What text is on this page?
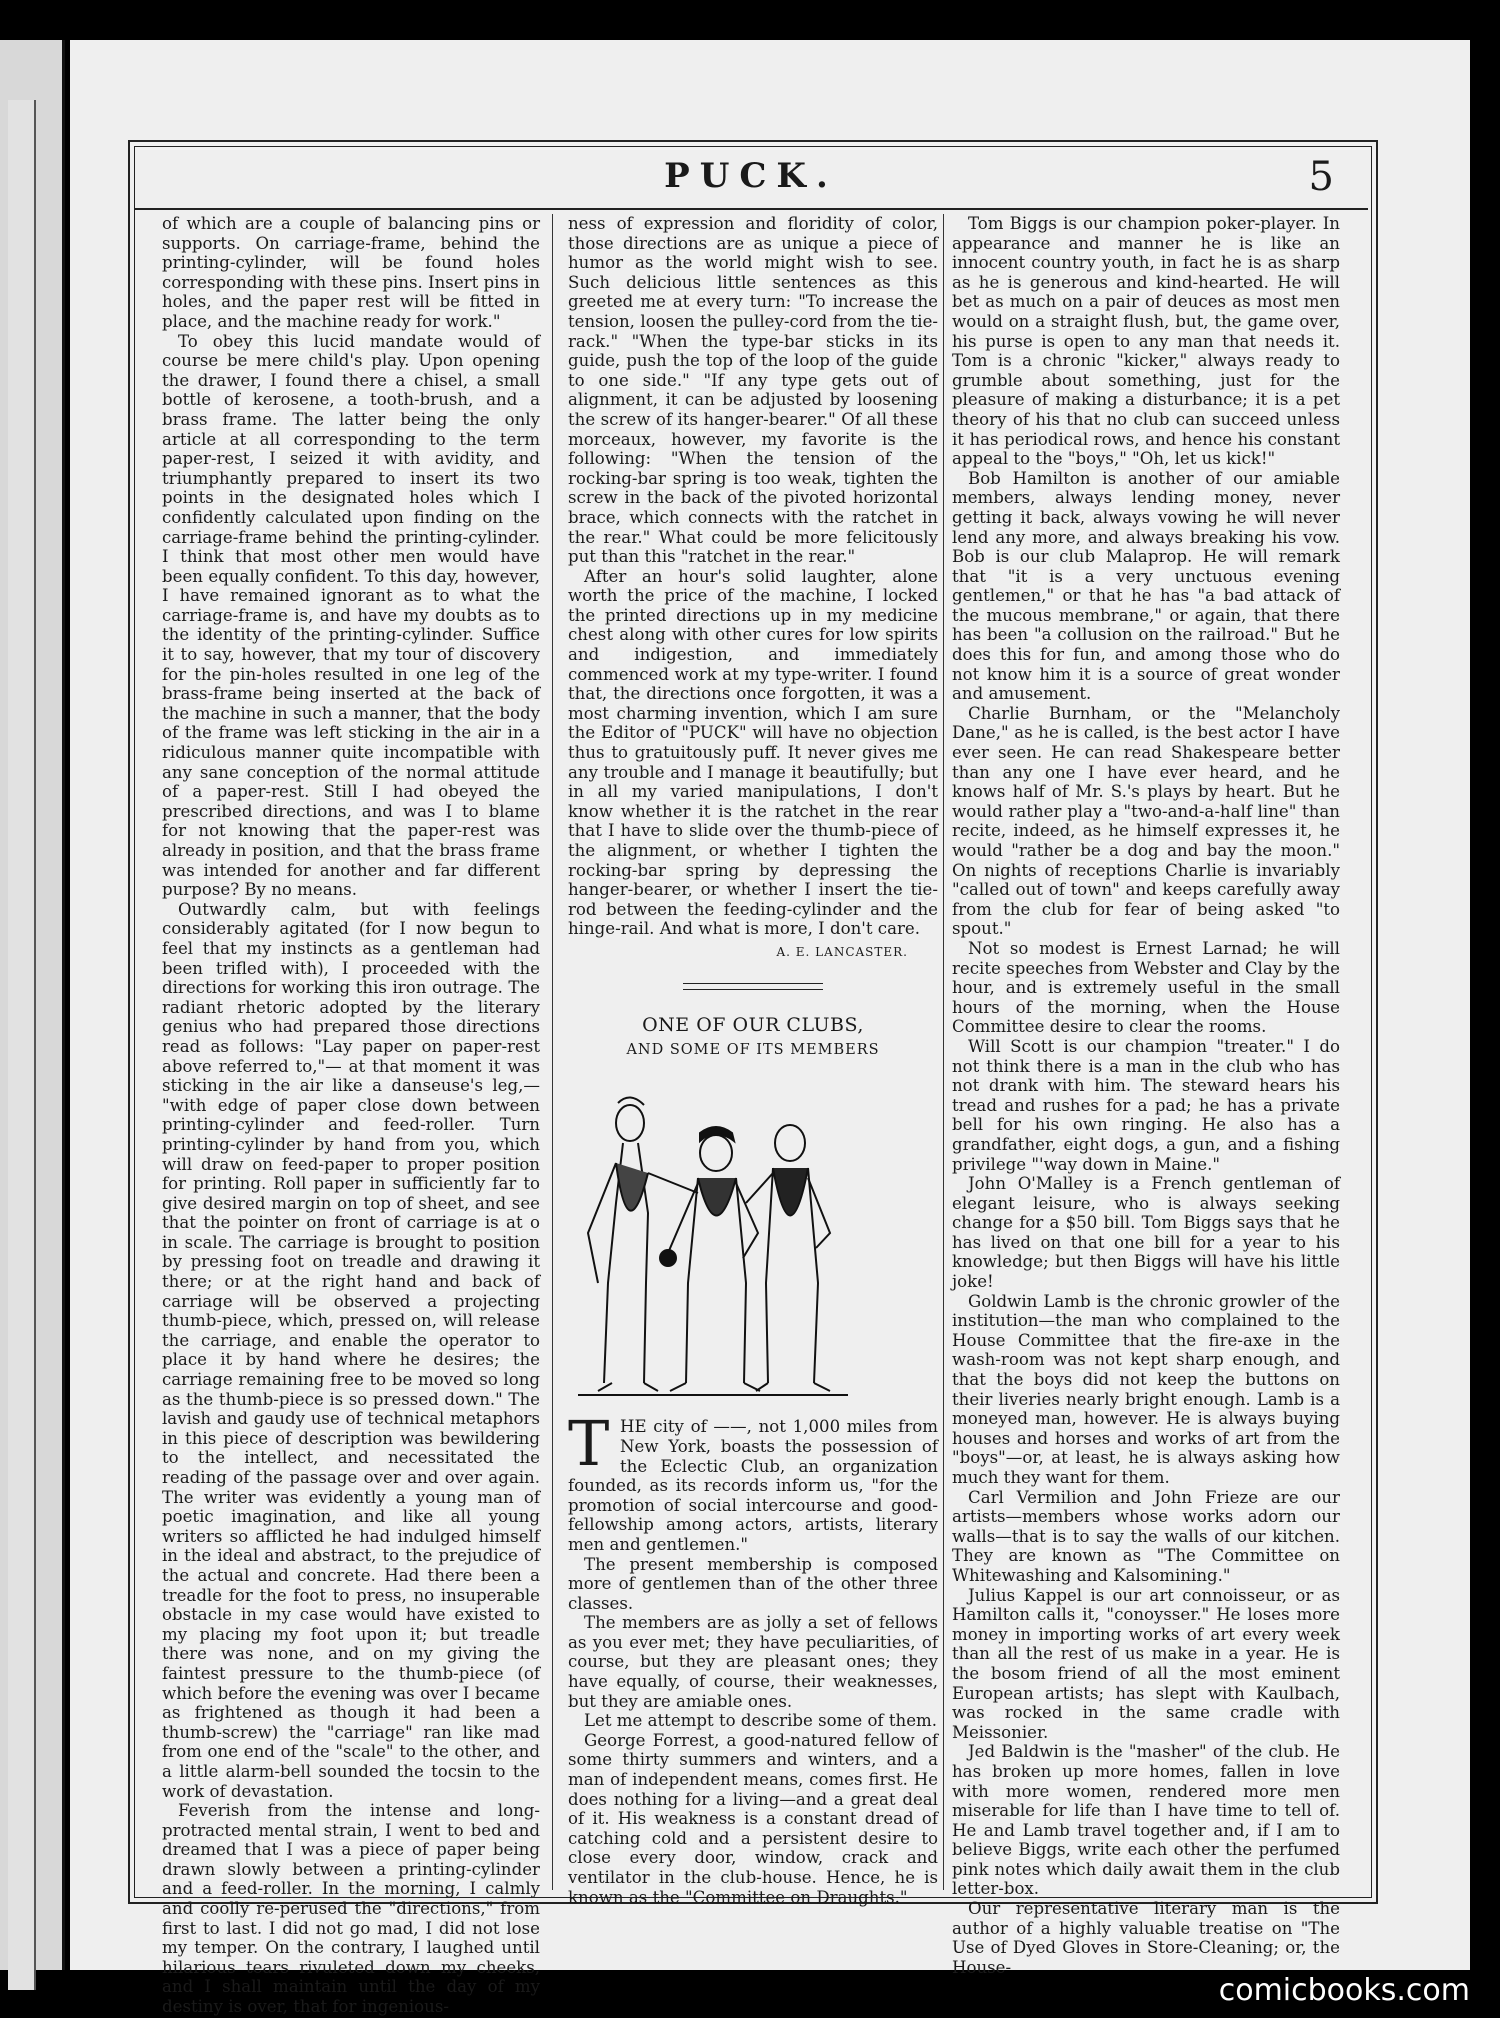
PUCK.	5

of which are a couple of balancing pins or supports. On carriage-frame, behind the printing-cylinder, will be found holes corresponding with these pins. Insert pins in holes, and the paper rest will be fitted in place, and the machine ready for work."

To obey this lucid mandate would of course be mere child's play. Upon opening the drawer, I found there a chisel, a small bottle of kerosene, a tooth-brush, and a brass frame. The latter being the only article at all corresponding to the term paper-rest, I seized it with avidity, and triumphantly prepared to insert its two points in the designated holes which I confidently calculated upon finding on the carriage-frame behind the printing-cylinder. I think that most other men would have been equally confident. To this day, however, I have remained ignorant as to what the carriage-frame is, and have my doubts as to the identity of the printing-cylinder. Suffice it to say, however, that my tour of discovery for the pin-holes resulted in one leg of the brass-frame being inserted at the back of the machine in such a manner, that the body of the frame was left sticking in the air in a ridiculous manner quite incompatible with any sane conception of the normal attitude of a paper-rest. Still I had obeyed the prescribed directions, and was I to blame for not knowing that the paper-rest was already in position, and that the brass frame was intended for another and far different purpose? By no means.

Outwardly calm, but with feelings considerably agitated (for I now begun to feel that my instincts as a gentleman had been trifled with), I proceeded with the directions for working this iron outrage. The radiant rhetoric adopted by the literary genius who had prepared those directions read as follows: "Lay paper on paper-rest above referred to,"— at that moment it was sticking in the air like a danseuse's leg,— "with edge of paper close down between printing-cylinder and feed-roller. Turn printing-cylinder by hand from you, which will draw on feed-paper to proper position for printing. Roll paper in sufficiently far to give desired margin on top of sheet, and see that the pointer on front of carriage is at o in scale. The carriage is brought to position by pressing foot on treadle and drawing it there; or at the right hand and back of carriage will be observed a projecting thumb-piece, which, pressed on, will release the carriage, and enable the operator to place it by hand where he desires; the carriage remaining free to be moved so long as the thumb-piece is so pressed down." The lavish and gaudy use of technical metaphors in this piece of description was bewildering to the intellect, and necessitated the reading of the passage over and over again. The writer was evidently a young man of poetic imagination, and like all young writers so afflicted he had indulged himself in the ideal and abstract, to the prejudice of the actual and concrete. Had there been a treadle for the foot to press, no insuperable obstacle in my case would have existed to my placing my foot upon it; but treadle there was none, and on my giving the faintest pressure to the thumb-piece (of which before the evening was over I became as frightened as though it had been a thumb-screw) the "carriage" ran like mad from one end of the "scale" to the other, and a little alarm-bell sounded the tocsin to the work of devastation.

Feverish from the intense and long-protracted mental strain, I went to bed and dreamed that I was a piece of paper being drawn slowly between a printing-cylinder and a feed-roller. In the morning, I calmly and coolly re-perused the "directions," from first to last. I did not go mad, I did not lose my temper. On the contrary, I laughed until hilarious tears rivuleted down my cheeks, and I shall maintain until the day of my destiny is over, that for ingenious-

ness of expression and floridity of color, those directions are as unique a piece of humor as the world might wish to see. Such delicious little sentences as this greeted me at every turn: "To increase the tension, loosen the pulley-cord from the tie-rack." "When the type-bar sticks in its guide, push the top of the loop of the guide to one side." "If any type gets out of alignment, it can be adjusted by loosening the screw of its hanger-bearer." Of all these morceaux, however, my favorite is the following: "When the tension of the rocking-bar spring is too weak, tighten the screw in the back of the pivoted horizontal brace, which connects with the ratchet in the rear." What could be more felicitously put than this "ratchet in the rear."

After an hour's solid laughter, alone worth the price of the machine, I locked the printed directions up in my medicine chest along with other cures for low spirits and indigestion, and immediately commenced work at my type-writer. I found that, the directions once forgotten, it was a most charming invention, which I am sure the Editor of "PUCK" will have no objection thus to gratuitously puff. It never gives me any trouble and I manage it beautifully; but in all my varied manipulations, I don't know whether it is the ratchet in the rear that I have to slide over the thumb-piece of the alignment, or whether I tighten the rocking-bar spring by depressing the hanger-bearer, or whether I insert the tie-rod between the feeding-cylinder and the hinge-rail. And what is more, I don't care.

A. E. LANCASTER.
ONE OF OUR CLUBS,
AND SOME OF ITS MEMBERS

THE city of ——, not 1,000 miles from New York, boasts the possession of the Eclectic Club, an organization founded, as its records inform us, "for the promotion of social intercourse and good-fellowship among actors, artists, literary men and gentlemen."

The present membership is composed more of gentlemen than of the other three classes.

The members are as jolly a set of fellows as you ever met; they have peculiarities, of course, but they are pleasant ones; they have equally, of course, their weaknesses, but they are amiable ones.

Let me attempt to describe some of them.

George Forrest, a good-natured fellow of some thirty summers and winters, and a man of independent means, comes first. He does nothing for a living—and a great deal of it. His weakness is a constant dread of catching cold and a persistent desire to close every door, window, crack and ventilator in the club-house. Hence, he is known as the "Committee on Draughts."

Tom Biggs is our champion poker-player. In appearance and manner he is like an innocent country youth, in fact he is as sharp as he is generous and kind-hearted. He will bet as much on a pair of deuces as most men would on a straight flush, but, the game over, his purse is open to any man that needs it. Tom is a chronic "kicker," always ready to grumble about something, just for the pleasure of making a disturbance; it is a pet theory of his that no club can succeed unless it has periodical rows, and hence his constant appeal to the "boys," "Oh, let us kick!"

Bob Hamilton is another of our amiable members, always lending money, never getting it back, always vowing he will never lend any more, and always breaking his vow. Bob is our club Malaprop. He will remark that "it is a very unctuous evening gentlemen," or that he has "a bad attack of the mucous membrane," or again, that there has been "a collusion on the railroad." But he does this for fun, and among those who do not know him it is a source of great wonder and amusement.

Charlie Burnham, or the "Melancholy Dane," as he is called, is the best actor I have ever seen. He can read Shakespeare better than any one I have ever heard, and he knows half of Mr. S.'s plays by heart. But he would rather play a "two-and-a-half line" than recite, indeed, as he himself expresses it, he would "rather be a dog and bay the moon." On nights of receptions Charlie is invariably "called out of town" and keeps carefully away from the club for fear of being asked "to spout."

Not so modest is Ernest Larnad; he will recite speeches from Webster and Clay by the hour, and is extremely useful in the small hours of the morning, when the House Committee desire to clear the rooms.

Will Scott is our champion "treater." I do not think there is a man in the club who has not drank with him. The steward hears his tread and rushes for a pad; he has a private bell for his own ringing. He also has a grandfather, eight dogs, a gun, and a fishing privilege "'way down in Maine."

John O'Malley is a French gentleman of elegant leisure, who is always seeking change for a $50 bill. Tom Biggs says that he has lived on that one bill for a year to his knowledge; but then Biggs will have his little joke!

Goldwin Lamb is the chronic growler of the institution—the man who complained to the House Committee that the fire-axe in the wash-room was not kept sharp enough, and that the boys did not keep the buttons on their liveries nearly bright enough. Lamb is a moneyed man, however. He is always buying houses and horses and works of art from the "boys"—or, at least, he is always asking how much they want for them.

Carl Vermilion and John Frieze are our artists—members whose works adorn our walls—that is to say the walls of our kitchen. They are known as "The Committee on Whitewashing and Kalsomining."

Julius Kappel is our art connoisseur, or as Hamilton calls it, "conoysser." He loses more money in importing works of art every week than all the rest of us make in a year. He is the bosom friend of all the most eminent European artists; has slept with Kaulbach, was rocked in the same cradle with Meissonier.

Jed Baldwin is the "masher" of the club. He has broken up more homes, fallen in love with more women, rendered more men miserable for life than I have time to tell of. He and Lamb travel together and, if I am to believe Biggs, write each other the perfumed pink notes which daily await them in the club letter-box.

Our representative literary man is the author of a highly valuable treatise on "The Use of Dyed Gloves in Store-Cleaning; or, the House-

comicbooks.com
